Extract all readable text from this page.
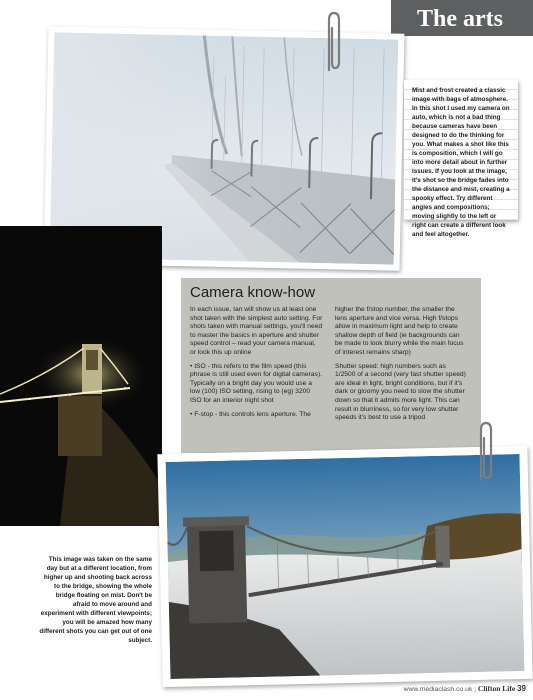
The arts

Mist and frost created a classic image with bags of atmosphere. In this shot I used my camera on auto, which is not a bad thing because cameras have been designed to do the thinking for you. What makes a shot like this is composition, which I will go into more detail about in further issues. If you look at the image, it's shot so the bridge fades into the distance and mist, creating a spooky effect. Try different angles and compositions; moving slightly to the left or right can create a different look and feel altogether.

Camera know-how

In each issue, Ian will show us at least one shot taken with the simplest auto setting. For shots taken with manual settings, you'll need to master the basics in aperture and shutter speed control – read your camera manual, or look this up online

• ISO - this refers to the film speed (this phrase is still used even for digital cameras). Typically on a bright day you would use a low (100) ISO setting, rising to (eg) 3200 ISO for an interior night shot

• F-stop - this controls lens aperture. The

higher the f/stop number, the smaller the lens aperture and vice versa. High f/stops allow in maximum light and help to create shallow depth of field (ie backgrounds can be made to look blurry while the main focus of interest remains sharp)

Shutter speed: high numbers such as 1/2500 of a second (very fast shutter speed) are ideal in light, bright conditions, but if it's dark or gloomy you need to slow the shutter down so that it admits more light. This can result in blurriness, so for very low shutter speeds it's best to use a tripod

This image was taken on the same day but at a different location, from higher up and shooting back across to the bridge, showing the whole bridge floating on mist. Don't be afraid to move around and experiment with different viewpoints; you will be amazed how many different shots you can get out of one subject.

www.mediaclash.co.uk | Clifton Life 39
